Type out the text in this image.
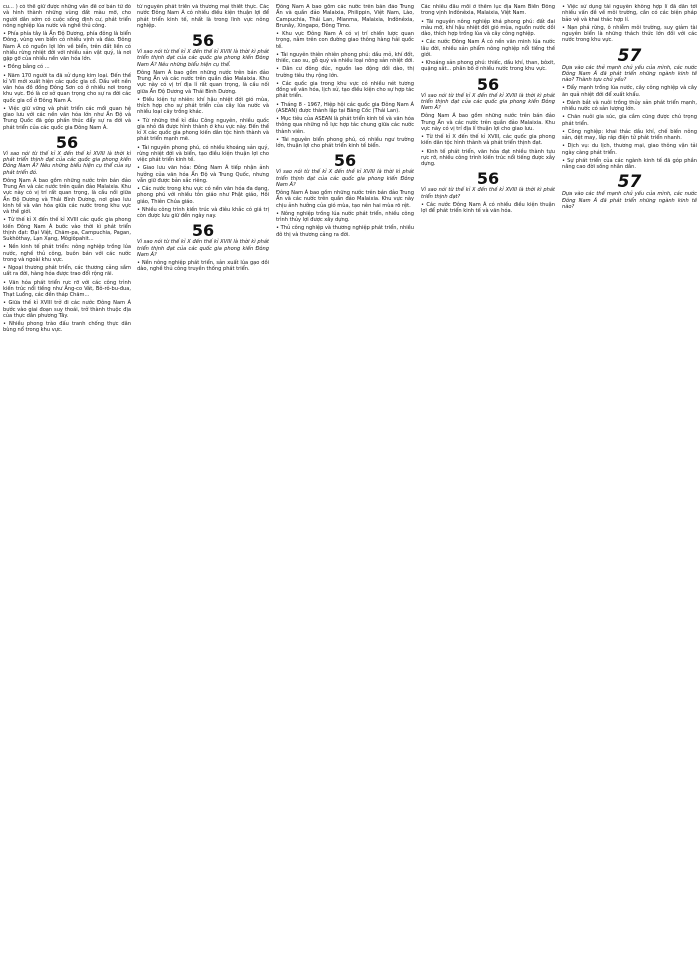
cu... ) có thể giữ được những vấn đề cơ bản từ đó và hình thành những vùng đất màu mỡ, cho người dân sớm có cuộc sống định cư, phát triển nông nghiệp lúa nước và nghề thủ công.
• Phía phía tây là Ấn Độ Dương, phía đông là biển Đông, vùng ven biển có nhiều vịnh và đảo. Đông Nam Á có nguồn lợi lớn về biển, trên đất liền có nhiều rừng nhiệt đới với nhiều sản vật quý, là nơi gặp gỡ của nhiều nền văn hóa lớn.
• Đồng bằng có ...
• Năm 170 người ta đã sử dụng kim loại. Đến thế kỉ VII mới xuất hiện các quốc gia cổ. Dấu vết nền văn hóa đồ đồng Đông Sơn có ở nhiều nơi trong khu vực. Đó là cơ sở quan trọng cho sự ra đời các quốc gia cổ ở Đông Nam Á.
• Việc giữ vững và phát triển các mối quan hệ giao lưu với các nền văn hóa lớn như Ấn Độ và Trung Quốc đã góp phần thúc đẩy sự ra đời và phát triển của các quốc gia Đông Nam Á.
56
Vì sao nói từ thế kỉ X đến thế kỉ XVIII là thời kì phát triển thịnh đạt của các quốc gia phong kiến Đông Nam Á? Nêu những biểu hiện cụ thể của sự phát triển đó.
Đông Nam Á bao gồm những nước trên bán đảo Trung Ấn và các nước trên quần đảo Malaixia. Khu vực này có vị trí rất quan trọng, là cầu nối giữa Ấn Độ Dương và Thái Bình Dương, nơi giao lưu kinh tế và văn hóa giữa các nước trong khu vực và thế giới.
• Từ thế kỉ X đến thế kỉ XVIII các quốc gia phong kiến Đông Nam Á bước vào thời kì phát triển thịnh đạt: Đại Việt, Chăm-pa, Campuchia, Pagan, Sukhôthay, Lạn Xạng, Môgiôpahit...
• Nền kinh tế phát triển: nông nghiệp trồng lúa nước, nghề thủ công, buôn bán với các nước trong và ngoài khu vực.
• Ngoại thương phát triển, các thương cảng sầm uất ra đời, hàng hóa được trao đổi rộng rãi.
• Văn hóa phát triển rực rỡ với các công trình kiến trúc nổi tiếng như Ăng-co Vát, Bô-rô-bu-đua, Thạt Luổng, các đền tháp Chăm...
• Giữa thế kỉ XVIII trở đi các nước Đông Nam Á bước vào giai đoạn suy thoái, trở thành thuộc địa của thực dân phương Tây.
• Nhiều phong trào đấu tranh chống thực dân bùng nổ trong khu vực.
từ nguyên phát triển và thương mại thiết thực. Các nước Đông Nam Á có nhiều điều kiện thuận lợi để phát triển kinh tế, nhất là trong lĩnh vực nông nghiệp.
56
Vì sao nói từ thế kỉ X đến thế kỉ XVIII là thời kì phát triển thịnh đạt của các quốc gia phong kiến Đông Nam Á? Nêu những biểu hiện cụ thể.
Đông Nam Á bao gồm những nước trên bán đảo Trung Ấn và các nước trên quần đảo Malaixia. Khu vực này có vị trí địa lí rất quan trọng, là cầu nối giữa Ấn Độ Dương và Thái Bình Dương.
• Điều kiện tự nhiên: khí hậu nhiệt đới gió mùa, thích hợp cho sự phát triển của cây lúa nước và nhiều loại cây trồng khác.
• Từ những thế kỉ đầu Công nguyên, nhiều quốc gia nhỏ đã được hình thành ở khu vực này. Đến thế kỉ X các quốc gia phong kiến dân tộc hình thành và phát triển mạnh mẽ.
• Tài nguyên phong phú, có nhiều khoáng sản quý, rừng nhiệt đới và biển, tạo điều kiện thuận lợi cho việc phát triển kinh tế.
• Giao lưu văn hóa: Đông Nam Á tiếp nhận ảnh hưởng của văn hóa Ấn Độ và Trung Quốc, nhưng vẫn giữ được bản sắc riêng.
• Các nước trong khu vực có nền văn hóa đa dạng, phong phú với nhiều tôn giáo như Phật giáo, Hồi giáo, Thiên Chúa giáo.
• Nhiều công trình kiến trúc và điêu khắc có giá trị còn được lưu giữ đến ngày nay.
56
Vì sao nói từ thế kỉ X đến thế kỉ XVIII là thời kì phát triển thịnh đạt của các quốc gia phong kiến Đông Nam Á?
• Nền nông nghiệp phát triển, sản xuất lúa gạo dồi dào, nghề thủ công truyền thống phát triển.
Đông Nam Á bao gồm các nước trên bán đảo Trung Ấn và quần đảo Malaixia, Philippin, Việt Nam, Lào, Campuchia, Thái Lan, Mianma, Malaixia, Inđônêxia, Brunây, Xingapo, Đông Timo.
• Khu vực Đông Nam Á có vị trí chiến lược quan trọng, nằm trên con đường giao thông hàng hải quốc tế.
• Tài nguyên thiên nhiên phong phú: dầu mỏ, khí đốt, thiếc, cao su, gỗ quý và nhiều loại nông sản nhiệt đới.
• Dân cư đông đúc, nguồn lao động dồi dào, thị trường tiêu thụ rộng lớn.
• Các quốc gia trong khu vực có nhiều nét tương đồng về văn hóa, lịch sử, tạo điều kiện cho sự hợp tác phát triển.
• Tháng 8 - 1967, Hiệp hội các quốc gia Đông Nam Á (ASEAN) được thành lập tại Băng Cốc (Thái Lan).
• Mục tiêu của ASEAN là phát triển kinh tế và văn hóa thông qua những nỗ lực hợp tác chung giữa các nước thành viên.
• Tài nguyên biển phong phú, có nhiều ngư trường lớn, thuận lợi cho phát triển kinh tế biển.
56
Vì sao nói từ thế kỉ X đến thế kỉ XVIII là thời kì phát triển thịnh đạt của các quốc gia phong kiến Đông Nam Á?
Đông Nam Á bao gồm những nước trên bán đảo Trung Ấn và các nước trên quần đảo Malaixia. Khu vực này chịu ảnh hưởng của gió mùa, tạo nên hai mùa rõ rệt.
• Nông nghiệp trồng lúa nước phát triển, nhiều công trình thủy lợi được xây dựng.
• Thủ công nghiệp và thương nghiệp phát triển, nhiều đô thị và thương cảng ra đời.
Các nhiều đầu mối ở thềm lục địa Nam Biển Đông trong vịnh Inđônêxia, Malaixia, Việt Nam.
• Tài nguyên nông nghiệp khá phong phú: đất đai màu mỡ, khí hậu nhiệt đới gió mùa, nguồn nước dồi dào, thích hợp trồng lúa và cây công nghiệp.
• Các nước Đông Nam Á có nền văn minh lúa nước lâu đời, nhiều sản phẩm nông nghiệp nổi tiếng thế giới.
• Khoáng sản phong phú: thiếc, dầu khí, than, bôxit, quặng sắt... phân bố ở nhiều nước trong khu vực.
56
Vì sao nói từ thế kỉ X đến thế kỉ XVIII là thời kì phát triển thịnh đạt của các quốc gia phong kiến Đông Nam Á?
Đông Nam Á bao gồm những nước trên bán đảo Trung Ấn và các nước trên quần đảo Malaixia. Khu vực này có vị trí địa lí thuận lợi cho giao lưu.
• Từ thế kỉ X đến thế kỉ XVIII, các quốc gia phong kiến dân tộc hình thành và phát triển thịnh đạt.
• Kinh tế phát triển, văn hóa đạt nhiều thành tựu rực rỡ, nhiều công trình kiến trúc nổi tiếng được xây dựng.
56
Vì sao nói từ thế kỉ X đến thế kỉ XVIII là thời kì phát triển thịnh đạt?
• Các nước Đông Nam Á có nhiều điều kiện thuận lợi để phát triển kinh tế và văn hóa.
• Việc sử dụng tài nguyên không hợp lí đã dẫn tới nhiều vấn đề về môi trường, cần có các biện pháp bảo vệ và khai thác hợp lí.
• Nạn phá rừng, ô nhiễm môi trường, suy giảm tài nguyên biển là những thách thức lớn đối với các nước trong khu vực.
57
Dựa vào các thẻ mạnh chủ yếu của mình, các nước Đông Nam Á đã phát triển những ngành kinh tế nào? Thành tựu chủ yếu?
• Đẩy mạnh trồng lúa nước, cây công nghiệp và cây ăn quả nhiệt đới để xuất khẩu.
• Đánh bắt và nuôi trồng thủy sản phát triển mạnh, nhiều nước có sản lượng lớn.
• Chăn nuôi gia súc, gia cầm cũng được chú trọng phát triển.
• Công nghiệp: khai thác dầu khí, chế biến nông sản, dệt may, lắp ráp điện tử phát triển nhanh.
• Dịch vụ: du lịch, thương mại, giao thông vận tải ngày càng phát triển.
• Sự phát triển của các ngành kinh tế đã góp phần nâng cao đời sống nhân dân.
57
Dựa vào các thế mạnh chủ yếu của mình, các nước Đông Nam Á đã phát triển những ngành kinh tế nào?
